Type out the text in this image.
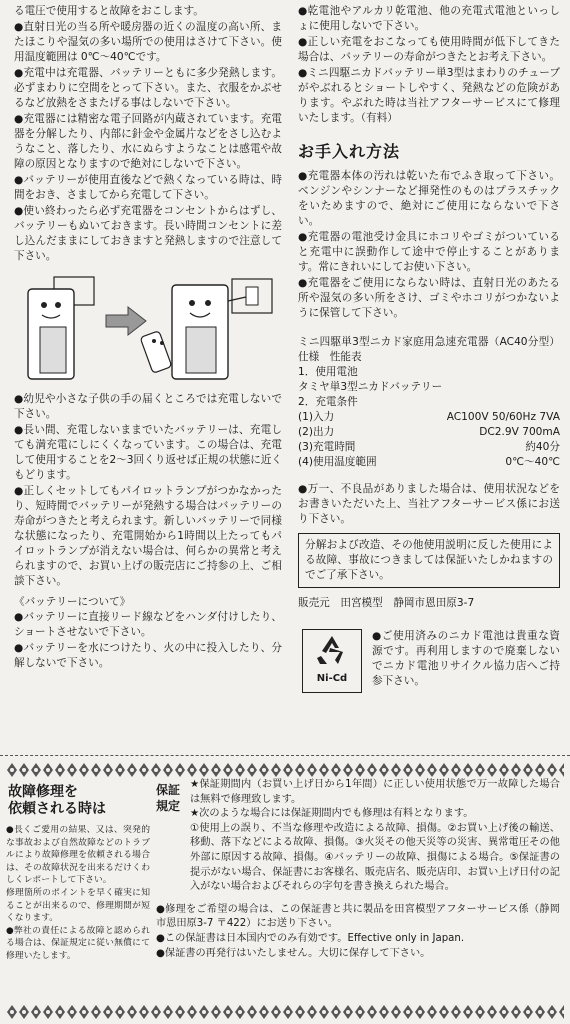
る電圧で使用すると故障をおこします。

●直射日光の当る所や暖房器の近くの温度の高い所、またほこりや湿気の多い場所での使用はさけて下さい。使用温度範囲は 0℃〜40℃です。

●充電中は充電器、バッテリーともに多少発熱します。必ずまわりに空間をとって下さい。また、衣服をかぶせるなど放熱をさまたげる事はしないで下さい。

●充電器には精密な電子回路が内蔵されています。充電器を分解したり、内部に針金や金属片などをさし込むようなこと、落したり、水にぬらすようなことは感電や故障の原因となりますので絶対にしないで下さい。

●バッテリーが使用直後などで熱くなっている時は、時間をおき、さましてから充電して下さい。

●使い終わったら必ず充電器をコンセントからはずし、バッテリーもぬいておきます。長い時間コンセントに差し込んだままにしておきますと発熱しますので注意して下さい。

●幼児や小さな子供の手の届くところでは充電しないで下さい。

●長い間、充電しないままでいたバッテリーは、充電しても満充電にしにくくなっています。この場合は、充電して使用することを2〜3回くり返せば正規の状態に近くもどります。

●正しくセットしてもパイロットランプがつかなかったり、短時間でバッテリーが発熱する場合はバッテリーの寿命がつきたと考えられます。新しいバッテリーで同様な状態になったり、充電開始から1時間以上たってもパイロットランプが消えない場合は、何らかの異常と考えられますので、お買い上げの販売店にご持参の上、ご相談下さい。

《バッテリーについて》

●バッテリーに直接リード線などをハンダ付けしたり、ショートさせないで下さい。

●バッテリーを水につけたり、火の中に投入したり、分解しないで下さい。

●乾電池やアルカリ乾電池、他の充電式電池といっしょに使用しないで下さい。

●正しい充電をおこなっても使用時間が低下してきた場合は、バッテリーの寿命がつきたとお考え下さい。

●ミニ四駆ニカドバッテリー単3型はまわりのチューブがやぶれるとショートしやすく、発熱などの危険があります。やぶれた時は当社アフターサービスにて修理いたします。（有料）

お手入れ方法

●充電器本体の汚れは乾いた布でふき取って下さい。ベンジンやシンナーなど揮発性のものはプラスチックをいためますので、絶対にご使用にならないで下さい。

●充電器の電池受け金具にホコリやゴミがついていると充電中に誤動作して途中で停止することがあります。常にきれいにしてお使い下さい。

●充電器をご使用にならない時は、直射日光のあたる所や湿気の多い所をさけ、ゴミやホコリがつかないように保管して下さい。

ミニ四駆単3型ニカド家庭用急速充電器（AC40分型）仕様　性能表

1．使用電池

タミヤ単3型ニカドバッテリー

2．充電条件

(1)入力	AC100V 50/60Hz 7VA
(2)出力	DC2.9V 700mA
(3)充電時間	約40分
(4)使用温度範囲	0℃〜40℃

●万一、不良品がありました場合は、使用状況などをお書きいただいた上、当社アフターサービス係にお送り下さい。

分解および改造、その他使用説明に反した使用による故障、事故につきましては保証いたしかねますのでご了承下さい。

販売元　田宮模型　静岡市恩田原3-7

Ni-Cd

●ご使用済みのニカド電池は貴重な資源です。再利用しますので廃棄しないでニカド電池リサイクル協力店へご持参下さい。

故障修理を
依頼される時は

●長くご愛用の結果、又は、突発的な事故および自然故障などのトラブルにより故障修理を依頼される場合は、その故障状況を出来るだけくわしくレポートして下さい。

修理箇所のポイントを早く確実に知ることが出来るので、修理期間が短くなります。

●弊社の責任による故障と認められる場合は、保証規定に従い無償にて修理いたします。

保証
規定

★保証期間内（お買い上げ日から1年間）に正しい使用状態で万一故障した場合は無料で修理致します。

★次のような場合には保証期間内でも修理は有料となります。

①使用上の誤り、不当な修理や改造による故障、損傷。②お買い上げ後の輸送、移動、落下などによる故障、損傷。③火災その他天災等の災害、異常電圧その他外部に原因する故障、損傷。④バッテリーの故障、損傷による場合。⑤保証書の提示がない場合、保証書にお客様名、販売店名、販売店印、お買い上げ日付の記入がない場合およびそれらの字句を書き換えられた場合。

●修理をご希望の場合は、この保証書と共に製品を田宮模型アフターサービス係（静岡市恩田原3-7 〒422）にお送り下さい。

●この保証書は日本国内でのみ有効です。Effective only in Japan.

●保証書の再発行はいたしません。大切に保存して下さい。
